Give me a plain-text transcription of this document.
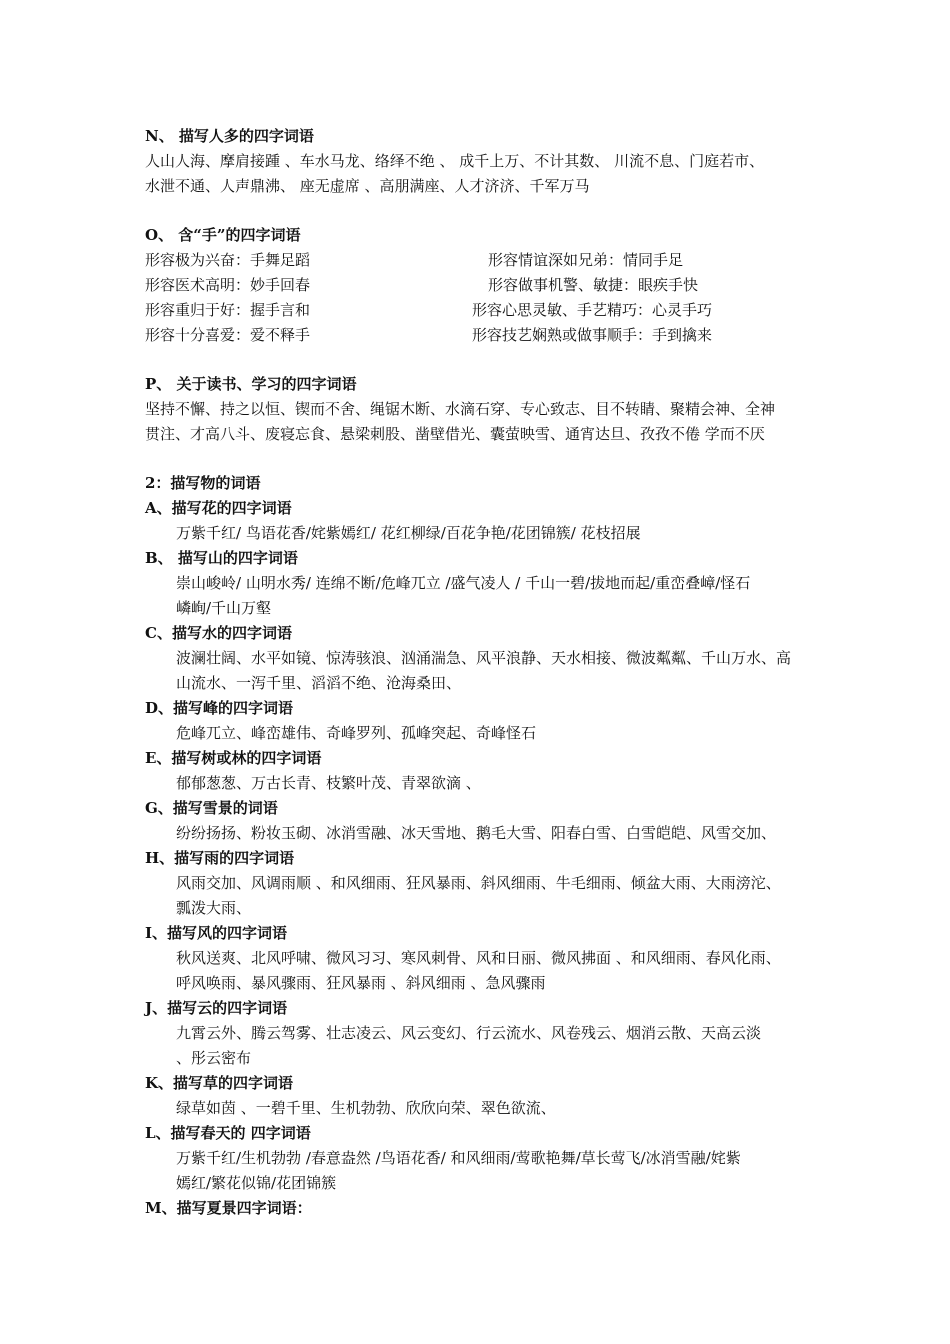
N、 描写人多的四字词语
人山人海、摩肩接踵 、车水马龙、络绎不绝 、 成千上万、不计其数、 川流不息、门庭若市、
水泄不通、人声鼎沸、 座无虚席 、高朋满座、人才济济、千军万马
O、 含“手”的四字词语
形容极为兴奋：手舞足蹈	形容情谊深如兄弟：情同手足
形容医术高明：妙手回春	形容做事机警、敏捷：眼疾手快
形容重归于好：握手言和	形容心思灵敏、手艺精巧：心灵手巧
形容十分喜爱：爱不释手	形容技艺娴熟或做事顺手：手到擒来
P、 关于读书、学习的四字词语
坚持不懈、持之以恒、锲而不舍、绳锯木断、水滴石穿、专心致志、目不转睛、聚精会神、全神
贯注、才高八斗、废寝忘食、悬梁刺股、凿壁借光、囊萤映雪、通宵达旦、孜孜不倦 学而不厌
2：描写物的词语
A、描写花的四字词语
万紫千红/ 鸟语花香/姹紫嫣红/ 花红柳绿/百花争艳/花团锦簇/ 花枝招展
B、 描写山的四字词语
崇山峻岭/ 山明水秀/ 连绵不断/危峰兀立 /盛气凌人 / 千山一碧/拔地而起/重峦叠嶂/怪石
嶙峋/千山万壑
C、描写水的四字词语
波澜壮阔、水平如镜、惊涛骇浪、汹涌湍急、风平浪静、天水相接、微波粼粼、千山万水、高
山流水、一泻千里、滔滔不绝、沧海桑田、
D、描写峰的四字词语
危峰兀立、峰峦雄伟、奇峰罗列、孤峰突起、奇峰怪石
E、描写树或林的四字词语
郁郁葱葱、万古长青、枝繁叶茂、青翠欲滴 、
G、描写雪景的词语
纷纷扬扬、粉妆玉砌、冰消雪融、冰天雪地、鹅毛大雪、阳春白雪、白雪皑皑、风雪交加、
H、描写雨的四字词语
风雨交加、风调雨顺 、和风细雨、狂风暴雨、斜风细雨、牛毛细雨、倾盆大雨、大雨滂沱、
瓢泼大雨、
I、描写风的四字词语
秋风送爽、北风呼啸、微风习习、寒风刺骨、风和日丽、微风拂面 、和风细雨、春风化雨、
呼风唤雨、暴风骤雨、狂风暴雨 、斜风细雨 、急风骤雨
J、描写云的四字词语
九霄云外、腾云驾雾、壮志凌云、风云变幻、行云流水、风卷残云、烟消云散、天高云淡
、彤云密布
K、描写草的四字词语
绿草如茵 、一碧千里、生机勃勃、欣欣向荣、翠色欲流、
L、描写春天的 四字词语
万紫千红/生机勃勃 /春意盎然 /鸟语花香/ 和风细雨/莺歌艳舞/草长莺飞/冰消雪融/姹紫
嫣红/繁花似锦/花团锦簇
M、描写夏景四字词语：
